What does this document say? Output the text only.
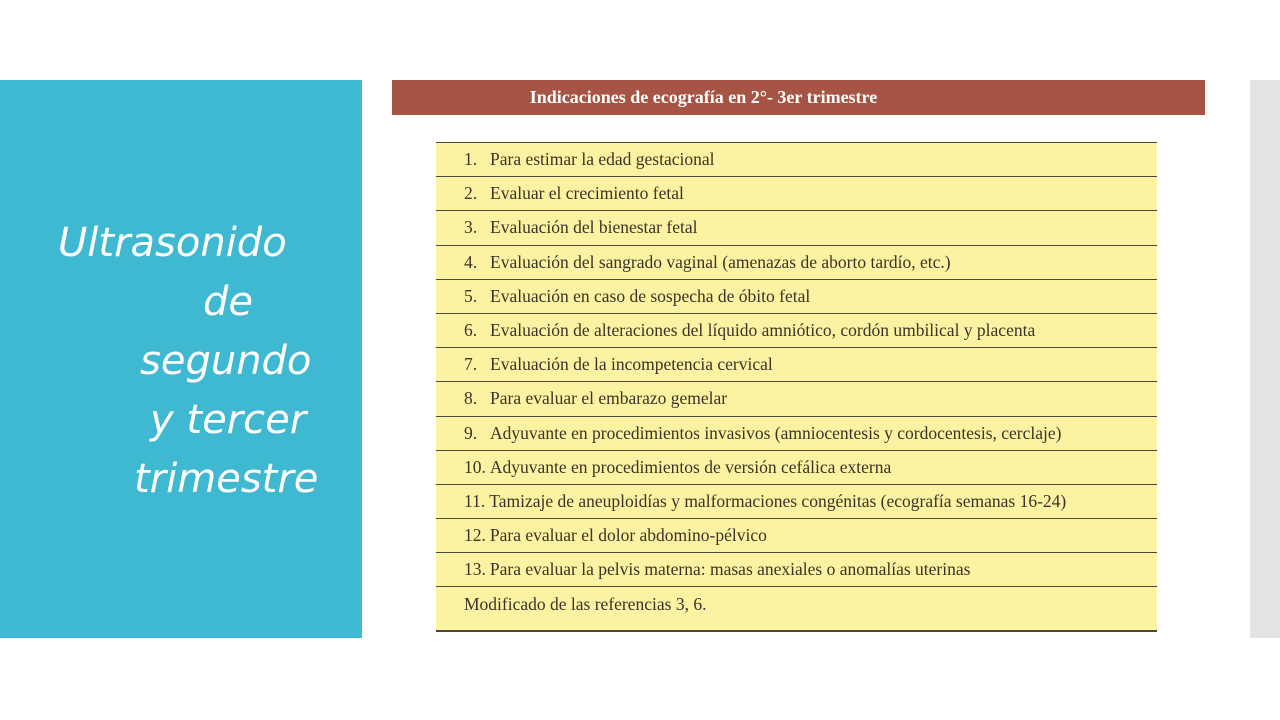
Ultrasonido
de
segundo
y tercer
trimestre
Indicaciones de ecografía en 2°- 3er trimestre
1. Para estimar la edad gestacional
2. Evaluar el crecimiento fetal
3. Evaluación del bienestar fetal
4. Evaluación del sangrado vaginal (amenazas de aborto tardío, etc.)
5. Evaluación en caso de sospecha de óbito fetal
6. Evaluación de alteraciones del líquido amniótico, cordón umbilical y placenta
7. Evaluación de la incompetencia cervical
8. Para evaluar el embarazo gemelar
9. Adyuvante en procedimientos invasivos (amniocentesis y cordocentesis, cerclaje)
10. Adyuvante en procedimientos de versión cefálica externa
11. Tamizaje de aneuploidías y malformaciones congénitas (ecografía semanas 16-24)
12. Para evaluar el dolor abdomino-pélvico
13. Para evaluar la pelvis materna: masas anexiales o anomalías uterinas
Modificado de las referencias 3, 6.
